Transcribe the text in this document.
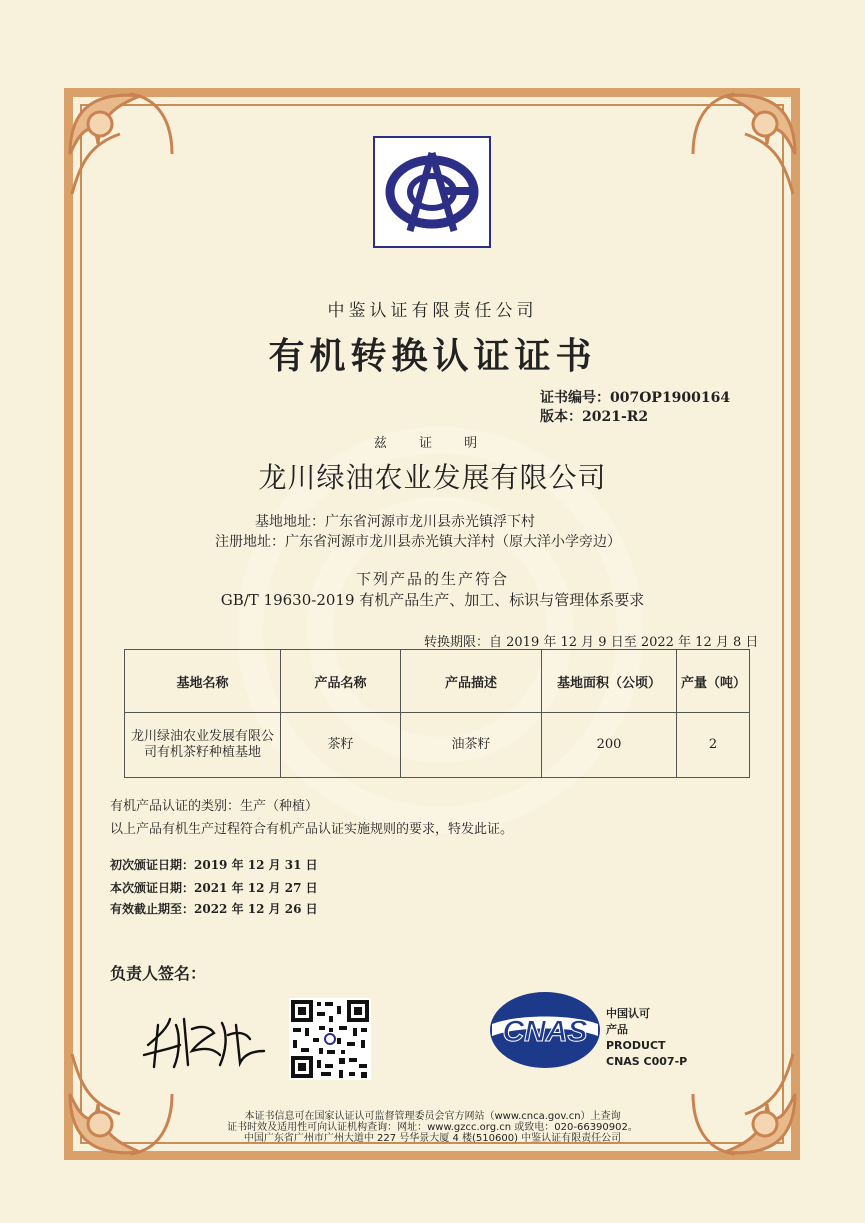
中鉴认证有限责任公司
有机转换认证证书
证书编号：007OP1900164
版本：2021-R2
兹 证 明
龙川绿油农业发展有限公司
基地地址：广东省河源市龙川县赤光镇浮下村
注册地址：广东省河源市龙川县赤光镇大洋村（原大洋小学旁边）
下列产品的生产符合
GB/T 19630-2019 有机产品生产、加工、标识与管理体系要求
转换期限：自 2019 年 12 月 9 日至 2022 年 12 月 8 日
基地名称	产品名称	产品描述	基地面积（公顷）	产量（吨）
龙川绿油农业发展有限公司有机茶籽种植基地	茶籽	油茶籽	200	2
有机产品认证的类别：生产（种植）
以上产品有机生产过程符合有机产品认证实施规则的要求，特发此证。
初次颁证日期：2019 年 12 月 31 日
本次颁证日期：2021 年 12 月 27 日
有效截止期至：2022 年 12 月 26 日
负责人签名：
CNAS
中国认可
产品
PRODUCT
CNAS C007-P
本证书信息可在国家认证认可监督管理委员会官方网站（www.cnca.gov.cn）上查询
证书时效及适用性可向认证机构查询：网址：www.gzcc.org.cn 或致电：020-66390902。
中国广东省广州市广州大道中 227 号华景大厦 4 楼(510600) 中鉴认证有限责任公司
